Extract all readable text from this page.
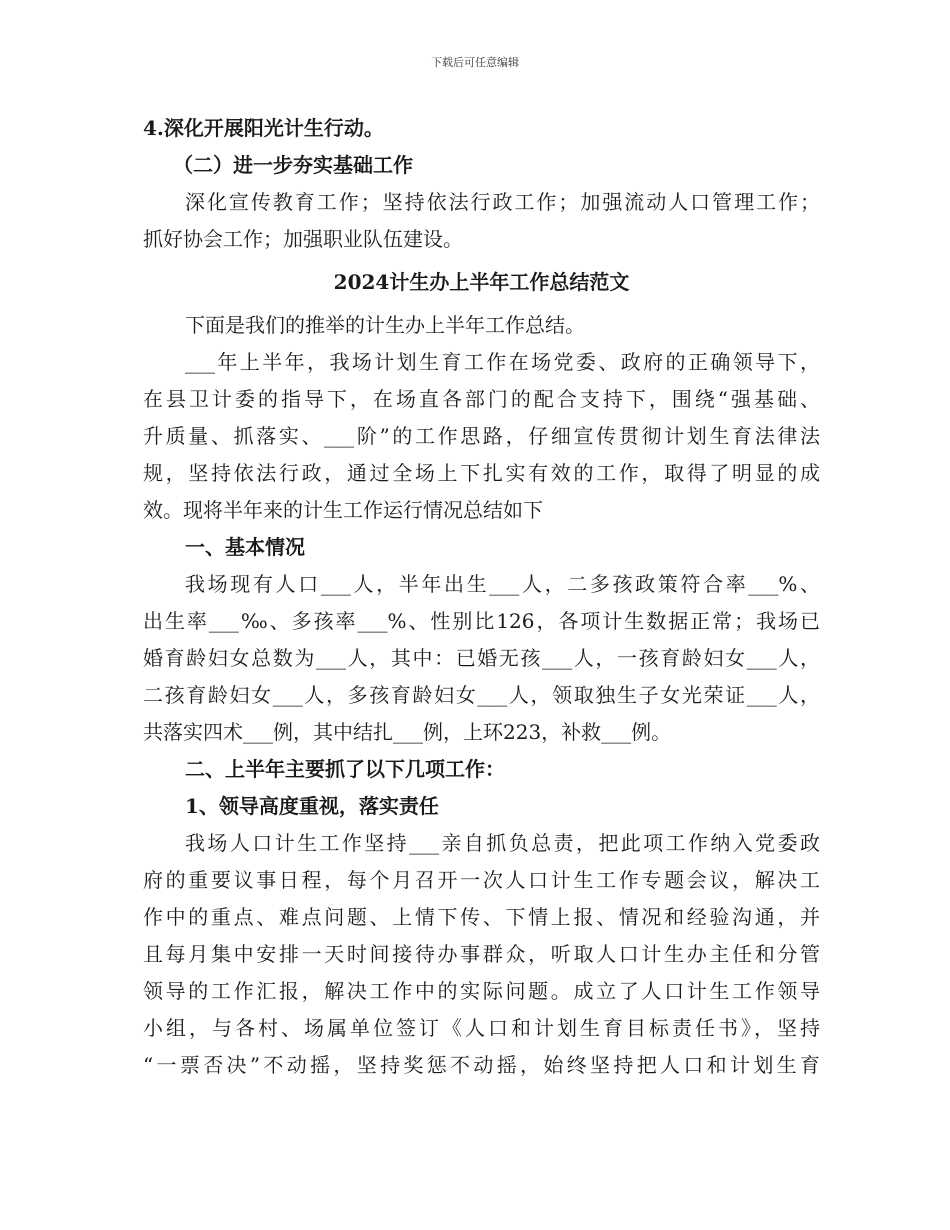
下载后可任意编辑
4.深化开展阳光计生行动。
（二）进一步夯实基础工作
深化宣传教育工作；坚持依法行政工作；加强流动人口管理工作；
抓好协会工作；加强职业队伍建设。
2024计生办上半年工作总结范文
下面是我们的推举的计生办上半年工作总结。
___年上半年，我场计划生育工作在场党委、政府的正确领导下，
在县卫计委的指导下，在场直各部门的配合支持下，围绕“强基础、
升质量、抓落实、___阶”的工作思路，仔细宣传贯彻计划生育法律法
规，坚持依法行政，通过全场上下扎实有效的工作，取得了明显的成
效。现将半年来的计生工作运行情况总结如下
一、基本情况
我场现有人口___人，半年出生___人，二多孩政策符合率___%、
出生率___‰、多孩率___%、性别比126，各项计生数据正常；我场已
婚育龄妇女总数为___人，其中：已婚无孩___人，一孩育龄妇女___人，
二孩育龄妇女___人，多孩育龄妇女___人，领取独生子女光荣证___人，
共落实四术___例，其中结扎___例，上环223，补救___例。
二、上半年主要抓了以下几项工作：
1、领导高度重视，落实责任
我场人口计生工作坚持___亲自抓负总责，把此项工作纳入党委政
府的重要议事日程，每个月召开一次人口计生工作专题会议，解决工
作中的重点、难点问题、上情下传、下情上报、情况和经验沟通，并
且每月集中安排一天时间接待办事群众，听取人口计生办主任和分管
领导的工作汇报，解决工作中的实际问题。成立了人口计生工作领导
小组，与各村、场属单位签订《人口和计划生育目标责任书》，坚持
“一票否决”不动摇，坚持奖惩不动摇，始终坚持把人口和计划生育
